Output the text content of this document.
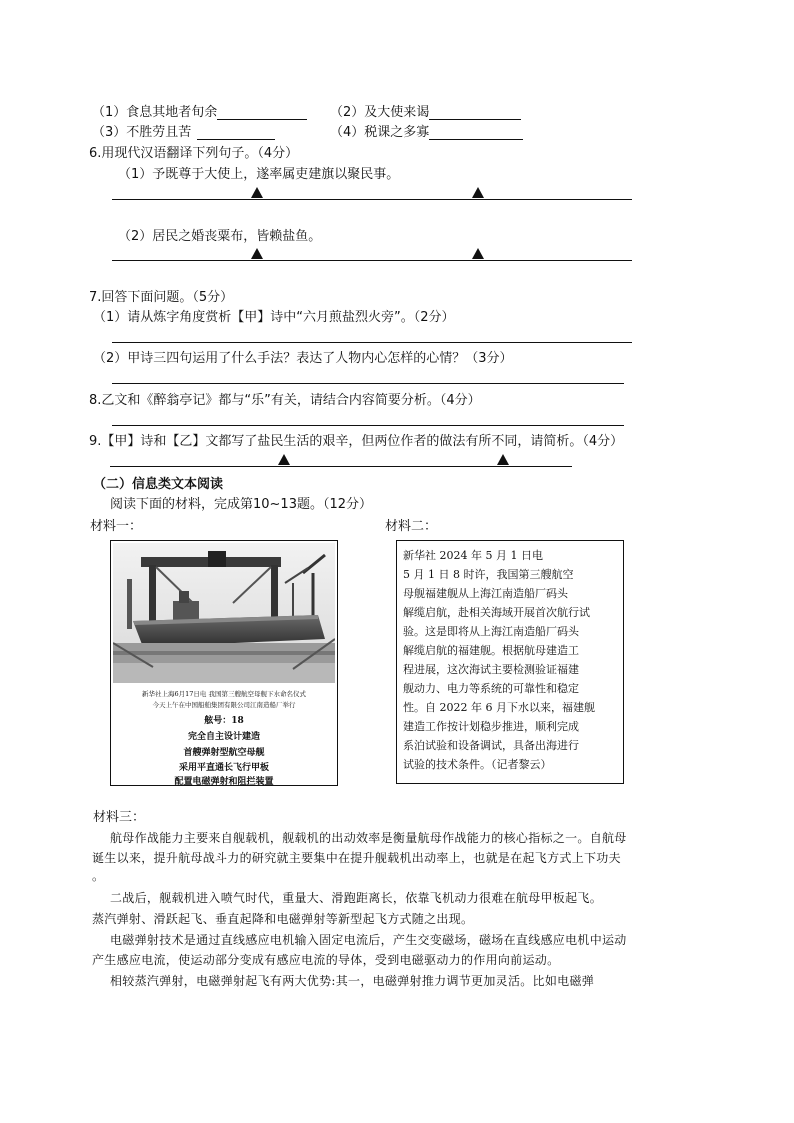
（1）食息其地者旬余	（2）及大使来谒
（3）不胜劳且苦	（4）税课之多寡
6.用现代汉语翻译下列句子。（4分）
（1）予既尊于大使上，遂率属吏建旗以聚民事。
（2）居民之婚丧粟布，皆赖盐鱼。
7.回答下面问题。（5分）
（1）请从炼字角度赏析【甲】诗中“六月煎盐烈火旁”。（2分）
（2）甲诗三四句运用了什么手法？表达了人物内心怎样的心情？（3分）
8.乙文和《醉翁亭记》都与“乐”有关，请结合内容简要分析。（4分）
9.【甲】诗和【乙】文都写了盐民生活的艰辛，但两位作者的做法有所不同，请简析。（4分）
（二）信息类文本阅读
阅读下面的材料，完成第10~13题。（12分）
材料一：	材料二：
新华社上海6月17日电 我国第三艘航空母舰下水命名仪式
今天上午在中国船舶集团有限公司江南造船厂举行
舷号：18
完全自主设计建造
首艘弹射型航空母舰
采用平直通长飞行甲板
配置电磁弹射和阻拦装置
新华社 2024 年 5 月 1 日电
5 月 1 日 8 时许，我国第三艘航空
母舰福建舰从上海江南造船厂码头
解缆启航，赴相关海域开展首次航行试
验。这是即将从上海江南造船厂码头
解缆启航的福建舰。根据航母建造工
程进展，这次海试主要检测验证福建
舰动力、电力等系统的可靠性和稳定
性。自 2022 年 6 月下水以来，福建舰
建造工作按计划稳步推进，顺利完成
系泊试验和设备调试，具备出海进行
试验的技术条件。（记者黎云）
材料三：
航母作战能力主要来自舰载机，舰载机的出动效率是衡量航母作战能力的核心指标之一。自航母
诞生以来，提升航母战斗力的研究就主要集中在提升舰载机出动率上，也就是在起飞方式上下功夫
。
二战后，舰载机进入喷气时代，重量大、滑跑距离长，依靠飞机动力很难在航母甲板起飞。
蒸汽弹射、滑跃起飞、垂直起降和电磁弹射等新型起飞方式随之出现。
电磁弹射技术是通过直线感应电机输入固定电流后，产生交变磁场，磁场在直线感应电机中运动
产生感应电流，使运动部分变成有感应电流的导体，受到电磁驱动力的作用向前运动。
相较蒸汽弹射，电磁弹射起飞有两大优势:其一，电磁弹射推力调节更加灵活。比如电磁弹
